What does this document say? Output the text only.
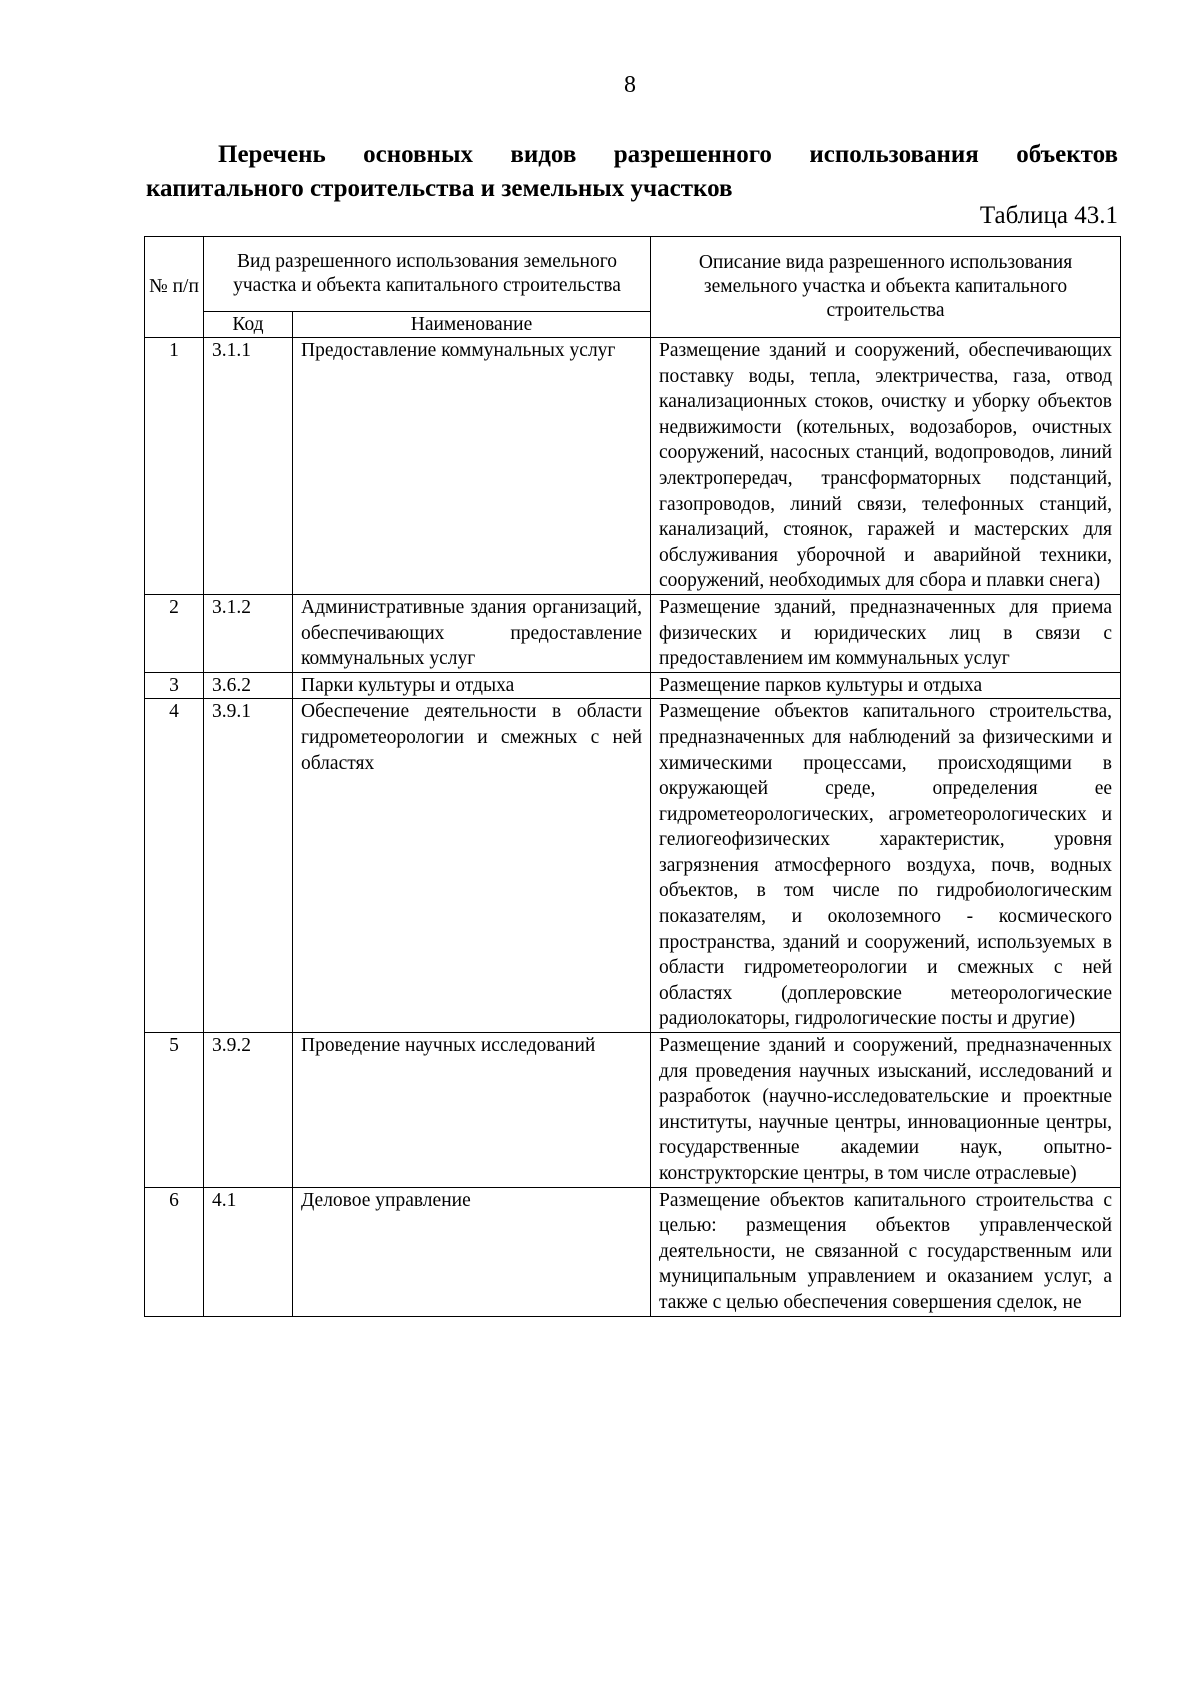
8
Перечень основных видов разрешенного использования объектов капитального строительства и земельных участков
Таблица 43.1
№ п/п	Вид разрешенного использования земельного участка и объекта капитального строительства		Описание вида разрешенного использования земельного участка и объекта капитального строительства
	Код	Наименование	
1	3.1.1	Предоставление коммунальных услуг	Размещение зданий и сооружений, обеспечивающих поставку воды, тепла, электричества, газа, отвод канализационных стоков, очистку и уборку объектов недвижимости (котельных, водозаборов, очистных сооружений, насосных станций, водопроводов, линий электропередач, трансформаторных подстанций, газопроводов, линий связи, телефонных станций, канализаций, стоянок, гаражей и мастерских для обслуживания уборочной и аварийной техники, сооружений, необходимых для сбора и плавки снега)
2	3.1.2	Административные здания организаций, обеспечивающих предоставление коммунальных услуг	Размещение зданий, предназначенных для приема физических и юридических лиц в связи с предоставлением им коммунальных услуг
3	3.6.2	Парки культуры и отдыха	Размещение парков культуры и отдыха
4	3.9.1	Обеспечение деятельности в области гидрометеорологии и смежных с ней областях	Размещение объектов капитального строительства, предназначенных для наблюдений за физическими и химическими процессами, происходящими в окружающей среде, определения ее гидрометеорологических, агрометеорологических и гелиогеофизических характеристик, уровня загрязнения атмосферного воздуха, почв, водных объектов, в том числе по гидробиологическим показателям, и околоземного - космического пространства, зданий и сооружений, используемых в области гидрометеорологии и смежных с ней областях (доплеровские метеорологические радиолокаторы, гидрологические посты и другие)
5	3.9.2	Проведение научных исследований	Размещение зданий и сооружений, предназначенных для проведения научных изысканий, исследований и разработок (научно-исследовательские и проектные институты, научные центры, инновационные центры, государственные академии наук, опытно-конструкторские центры, в том числе отраслевые)
6	4.1	Деловое управление	Размещение объектов капитального строительства с целью: размещения объектов управленческой деятельности, не связанной с государственным или муниципальным управлением и оказанием услуг, а также с целью обеспечения совершения сделок, не
